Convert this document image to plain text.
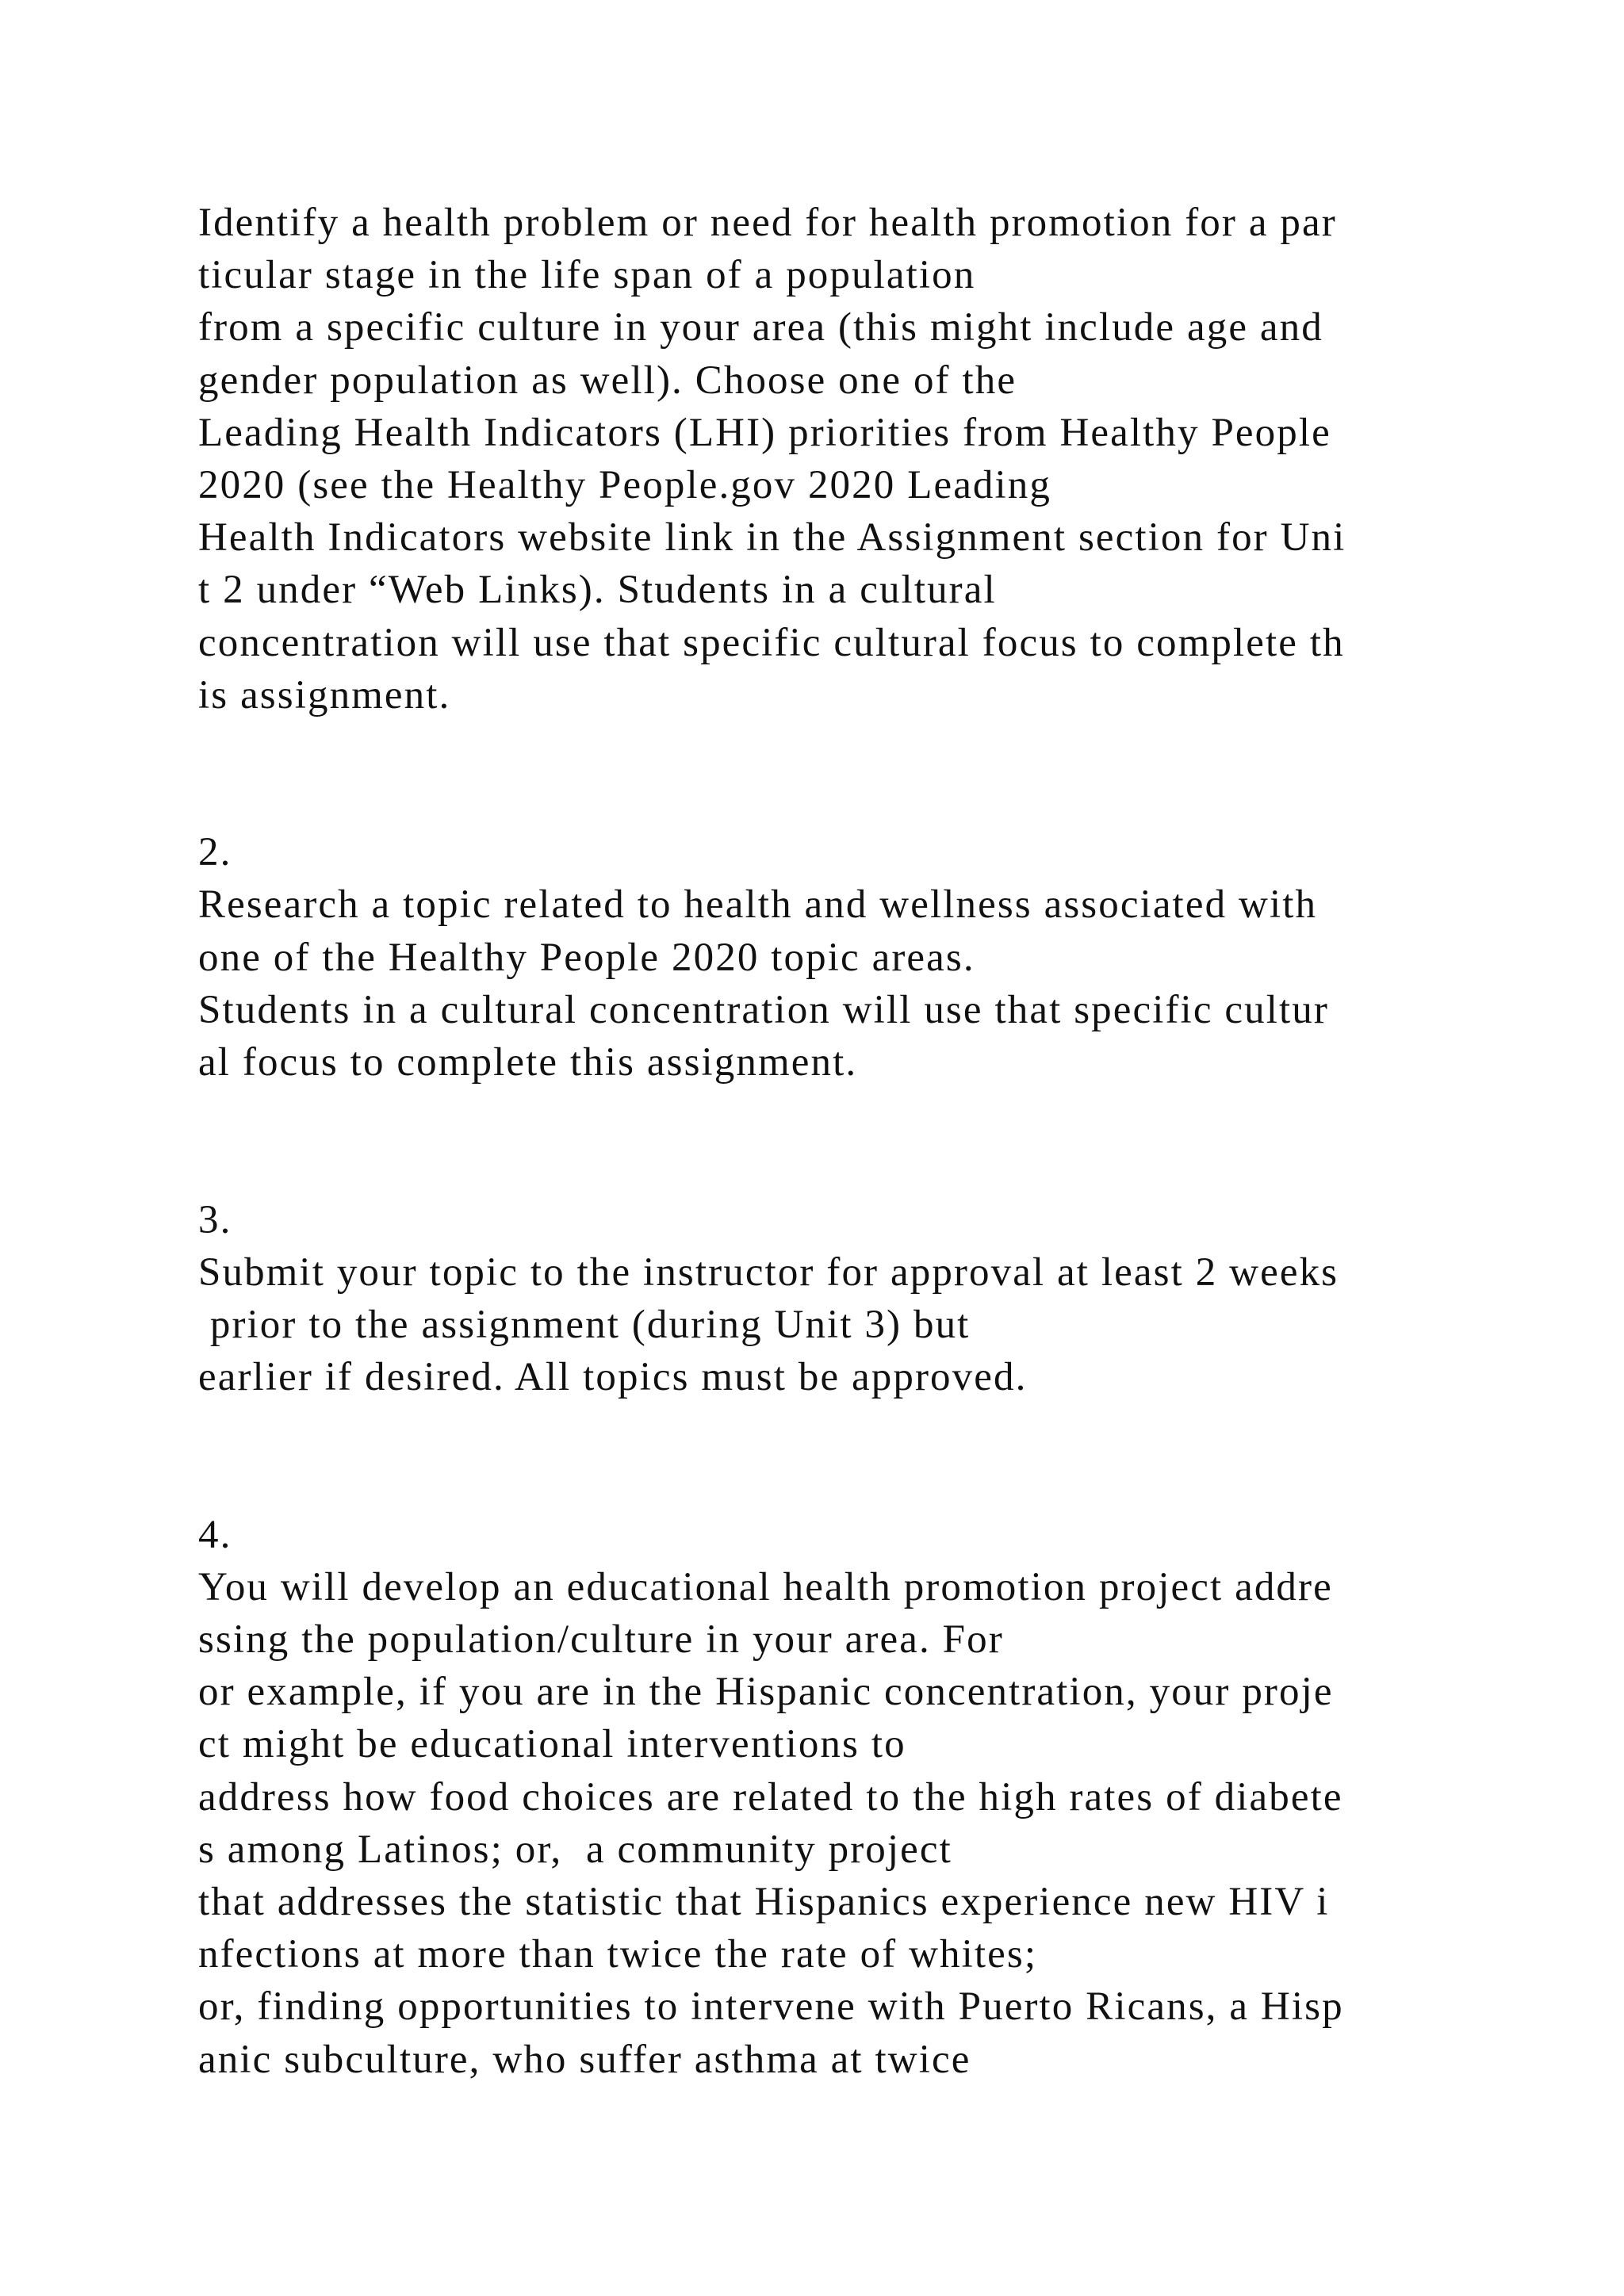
Identify a health problem or need for health promotion for a par
ticular stage in the life span of a population
from a specific culture in your area (this might include age and
gender population as well). Choose one of the
Leading Health Indicators (LHI) priorities from Healthy People
2020 (see the Healthy People.gov 2020 Leading
Health Indicators website link in the Assignment section for Uni
t 2 under “Web Links). Students in a cultural
concentration will use that specific cultural focus to complete th
is assignment.
2.
Research a topic related to health and wellness associated with
one of the Healthy People 2020 topic areas.
Students in a cultural concentration will use that specific cultur
al focus to complete this assignment.
3.
Submit your topic to the instructor for approval at least 2 weeks
prior to the assignment (during Unit 3) but
earlier if desired. All topics must be approved.
4.
You will develop an educational health promotion project addre
ssing the population/culture in your area. For
or example, if you are in the Hispanic concentration, your proje
ct might be educational interventions to
address how food choices are related to the high rates of diabete
s among Latinos; or,  a community project
that addresses the statistic that Hispanics experience new HIV i
nfections at more than twice the rate of whites;
or, finding opportunities to intervene with Puerto Ricans, a Hisp
anic subculture, who suffer asthma at twice
